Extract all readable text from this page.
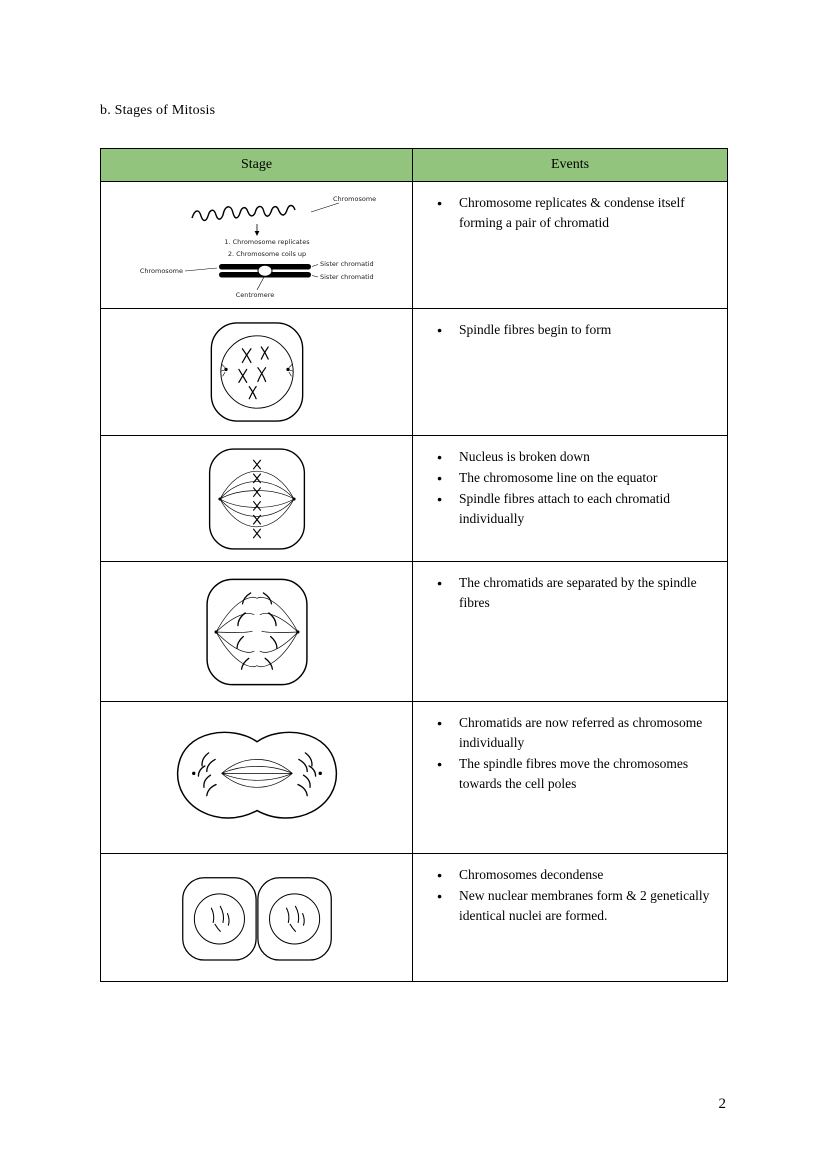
b. Stages of Mitosis
Stage	Events

Chromosome
1. Chromosome replicates
2. Chromosome coils up
Chromosome
Sister chromatid
Sister chromatid
Centromere

● Chromosome replicates & condense itself forming a pair of chromatid

● Spindle fibres begin to form

● Nucleus is broken down
● The chromosome line on the equator
● Spindle fibres attach to each chromatid individually

● The chromatids are separated by the spindle fibres

● Chromatids are now referred as chromosome individually
● The spindle fibres move the chromosomes towards the cell poles

● Chromosomes decondense
● New nuclear membranes form & 2 genetically identical nuclei are formed.
2
